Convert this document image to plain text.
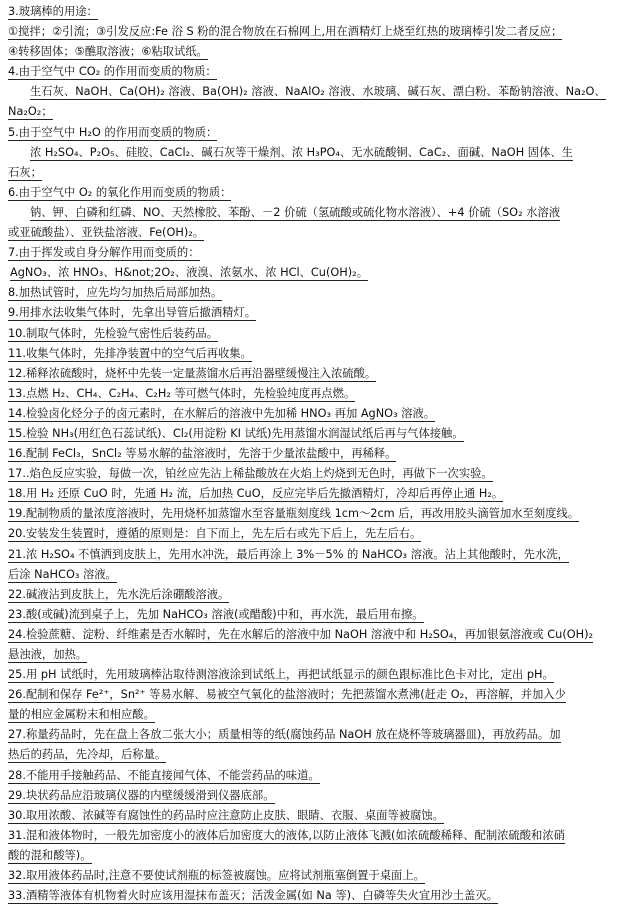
3.玻璃棒的用途：
①搅拌；②引流；③引发反应:Fe 浴 S 粉的混合物放在石棉网上,用在酒精灯上烧至红热的玻璃棒引发二者反应；
④转移固体；⑤醮取溶液；⑥粘取试纸。
4.由于空气中 CO₂ 的作用而变质的物质：
生石灰、NaOH、Ca(OH)₂ 溶液、Ba(OH)₂ 溶液、NaAlO₂ 溶液、水玻璃、碱石灰、漂白粉、苯酚钠溶液、Na₂O、
Na₂O₂；
5.由于空气中 H₂O 的作用而变质的物质：
浓 H₂SO₄、P₂O₅、硅胶、CaCl₂、碱石灰等干燥剂、浓 H₃PO₄、无水硫酸铜、CaC₂、面碱、NaOH 固体、生
石灰；
6.由于空气中 O₂ 的氧化作用而变质的物质：
钠、钾、白磷和红磷、NO、天然橡胶、苯酚、－2 价硫（氢硫酸或硫化物水溶液）、+4 价硫（SO₂ 水溶液
或亚硫酸盐）、亚铁盐溶液、Fe(OH)₂。
7.由于挥发或自身分解作用而变质的：
AgNO₃、浓 HNO₃、H&not;2O₂、液溴、浓氨水、浓 HCl、Cu(OH)₂。
8.加热试管时，应先均匀加热后局部加热。
9.用排水法收集气体时，先拿出导管后撤酒精灯。
10.制取气体时，先检验气密性后装药品。
11.收集气体时，先排净装置中的空气后再收集。
12.稀释浓硫酸时，烧杯中先装一定量蒸馏水后再沿器壁缓慢注入浓硫酸。
13.点燃 H₂、CH₄、C₂H₄、C₂H₂ 等可燃气体时，先检验纯度再点燃。
14.检验卤化烃分子的卤元素时，在水解后的溶液中先加稀 HNO₃ 再加 AgNO₃ 溶液。
15.检验 NH₃(用红色石蕊试纸)、Cl₂(用淀粉 KI 试纸)先用蒸馏水润湿试纸后再与气体接触。
16.配制 FeCl₃，SnCl₂ 等易水解的盐溶液时，先溶于少量浓盐酸中，再稀释。
17..焰色反应实验，每做一次，铂丝应先沾上稀盐酸放在火焰上灼烧到无色时，再做下一次实验。
18.用 H₂ 还原 CuO 时，先通 H₂ 流，后加热 CuO，反应完毕后先撤酒精灯，冷却后再停止通 H₂。
19.配制物质的量浓度溶液时，先用烧杯加蒸馏水至容量瓶刻度线 1cm～2cm 后，再改用胶头滴管加水至刻度线。
20.安装发生装置时，遵循的原则是：自下而上，先左后右或先下后上，先左后右。
21.浓 H₂SO₄ 不慎洒到皮肤上，先用水冲洗，最后再涂上 3%－5% 的 NaHCO₃ 溶液。沾上其他酸时，先水洗，
后涂 NaHCO₃ 溶液。
22.碱液沾到皮肤上，先水洗后涂硼酸溶液。
23.酸(或碱)流到桌子上，先加 NaHCO₃ 溶液(或醋酸)中和，再水洗，最后用布擦。
24.检验蔗糖、淀粉、纤维素是否水解时，先在水解后的溶液中加 NaOH 溶液中和 H₂SO₄，再加银氨溶液或 Cu(OH)₂
悬浊液，加热。
25.用 pH 试纸时，先用玻璃棒沾取待测溶液涂到试纸上，再把试纸显示的颜色跟标准比色卡对比，定出 pH。
26.配制和保存 Fe²⁺，Sn²⁺ 等易水解、易被空气氧化的盐溶液时；先把蒸馏水煮沸(赶走 O₂，再溶解，并加入少
量的相应金属粉末和相应酸。
27.称量药品时，先在盘上各放二张大小；质量相等的纸(腐蚀药品 NaOH 放在烧杯等玻璃器皿)，再放药品。加
热后的药品，先冷却，后称量。
28.不能用手接触药品、不能直接闻气体、不能尝药品的味道。
29.块状药品应沿玻璃仪器的内壁缓缓滑到仪器底部。
30.取用浓酸、浓碱等有腐蚀性的药品时应注意防止皮肤、眼睛、衣服、桌面等被腐蚀。
31.混和液体物时，一般先加密度小的液体后加密度大的液体,以防止液体飞溅(如浓硫酸稀释、配制浓硫酸和浓硝
酸的混和酸等)。
32.取用液体药品时,注意不要使试剂瓶的标签被腐蚀。应将试剂瓶塞倒置于桌面上。
33.酒精等液体有机物着火时应该用湿抹布盖灭；活泼金属(如 Na 等)、白磷等失火宜用沙土盖灭。
